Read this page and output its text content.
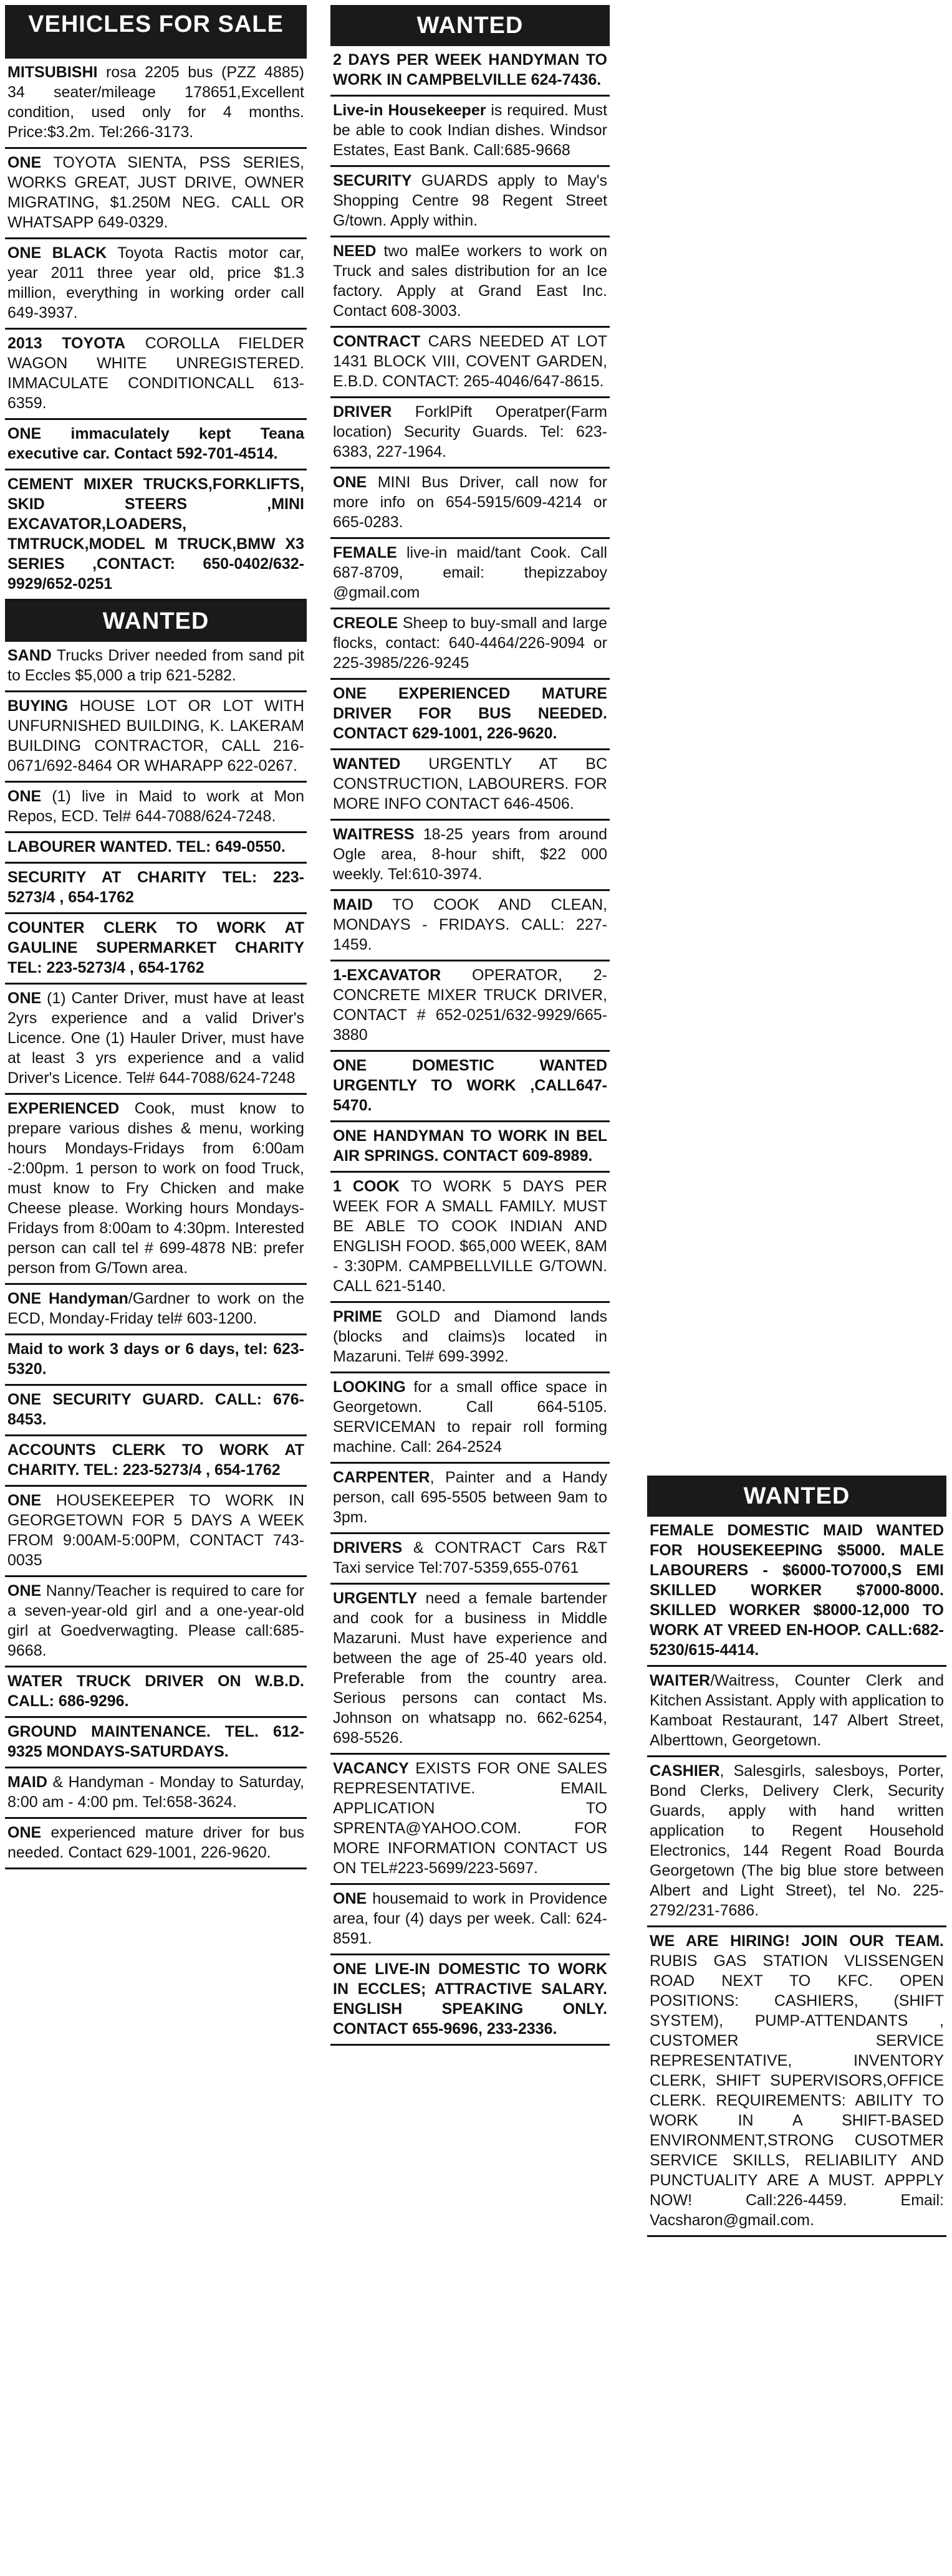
VEHICLES FOR SALE
MITSUBISHI rosa 2205 bus (PZZ 4885) 34 seater/mileage 178651,Excellent condition, used only for 4 months. Price:$3.2m. Tel:266-3173.
ONE TOYOTA SIENTA, PSS SERIES, WORKS GREAT, JUST DRIVE, OWNER MIGRATING, $1.250M NEG. CALL OR WHATSAPP 649-0329.
ONE BLACK Toyota Ractis motor car, year 2011 three year old, price $1.3 million, everything in working order call 649-3937.
2013 TOYOTA COROLLA FIELDER WAGON WHITE UNREGISTERED. IMMACULATE CONDITIONCALL 613-6359.
ONE immaculately kept Teana executive car. Contact 592-701-4514.
CEMENT MIXER TRUCKS,FORKLIFTS, SKID STEERS ,MINI EXCAVATOR,LOADERS, TMTRUCK,MODEL M TRUCK,BMW X3 SERIES ,CONTACT: 650-0402/632-9929/652-0251
WANTED
SAND Trucks Driver needed from sand pit to Eccles $5,000 a trip 621-5282.
BUYING HOUSE LOT OR LOT WITH UNFURNISHED BUILDING, K. LAKERAM BUILDING CONTRACTOR, CALL 216-0671/692-8464 OR WHARAPP 622-0267.
ONE (1) live in Maid to work at Mon Repos, ECD. Tel# 644-7088/624-7248.
LABOURER WANTED. TEL: 649-0550.
SECURITY AT CHARITY TEL: 223-5273/4 , 654-1762
COUNTER CLERK TO WORK AT GAULINE SUPERMARKET CHARITY TEL: 223-5273/4 , 654-1762
ONE (1) Canter Driver, must have at least 2yrs experience and a valid Driver's Licence. One (1) Hauler Driver, must have at least 3 yrs experience and a valid Driver's Licence. Tel# 644-7088/624-7248
EXPERIENCED Cook, must know to prepare various dishes & menu, working hours Mondays-Fridays from 6:00am -2:00pm. 1 person to work on food Truck, must know to Fry Chicken and make Cheese please. Working hours Mondays-Fridays from 8:00am to 4:30pm. Interested person can call tel # 699-4878 NB: prefer person from G/Town area.
ONE Handyman/Gardner to work on the ECD, Monday-Friday tel# 603-1200.
Maid to work 3 days or 6 days, tel: 623-5320.
ONE SECURITY GUARD. CALL: 676-8453.
ACCOUNTS CLERK TO WORK AT CHARITY. TEL: 223-5273/4 , 654-1762
ONE HOUSEKEEPER TO WORK IN GEORGETOWN FOR 5 DAYS A WEEK FROM 9:00AM-5:00PM, CONTACT 743-0035
ONE Nanny/Teacher is required to care for a seven-year-old girl and a one-year-old girl at Goedverwagting. Please call:685-9668.
WATER TRUCK DRIVER ON W.B.D. CALL: 686-9296.
GROUND MAINTENANCE. TEL. 612-9325 MONDAYS-SATURDAYS.
MAID & Handyman - Monday to Saturday, 8:00 am - 4:00 pm. Tel:658-3624.
ONE experienced mature driver for bus needed. Contact 629-1001, 226-9620.
WANTED
2 DAYS PER WEEK HANDYMAN TO WORK IN CAMPBELVILLE 624-7436.
Live-in Housekeeper is required. Must be able to cook Indian dishes. Windsor Estates, East Bank. Call:685-9668
SECURITY GUARDS apply to May's Shopping Centre 98 Regent Street G/town. Apply within.
NEED two malEe workers to work on Truck and sales distribution for an Ice factory. Apply at Grand East Inc. Contact 608-3003.
CONTRACT CARS NEEDED AT LOT 1431 BLOCK VIII, COVENT GARDEN, E.B.D. CONTACT: 265-4046/647-8615.
DRIVER ForklPift Operatper(Farm location) Security Guards. Tel: 623-6383, 227-1964.
ONE MINI Bus Driver, call now for more info on 654-5915/609-4214 or 665-0283.
FEMALE live-in maid/tant Cook. Call 687-8709, email: thepizzaboy @gmail.com
CREOLE Sheep to buy-small and large flocks, contact: 640-4464/226-9094 or 225-3985/226-9245
ONE EXPERIENCED MATURE DRIVER FOR BUS NEEDED. CONTACT 629-1001, 226-9620.
WANTED URGENTLY AT BC CONSTRUCTION, LABOURERS. FOR MORE INFO CONTACT 646-4506.
WAITRESS 18-25 years from around Ogle area, 8-hour shift, $22 000 weekly. Tel:610-3974.
MAID TO COOK AND CLEAN, MONDAYS - FRIDAYS. CALL: 227-1459.
1-EXCAVATOR OPERATOR, 2- CONCRETE MIXER TRUCK DRIVER, CONTACT # 652-0251/632-9929/665-3880
ONE DOMESTIC WANTED URGENTLY TO WORK ,CALL647-5470.
ONE HANDYMAN TO WORK IN BEL AIR SPRINGS. CONTACT 609-8989.
1 COOK TO WORK 5 DAYS PER WEEK FOR A SMALL FAMILY. MUST BE ABLE TO COOK INDIAN AND ENGLISH FOOD. $65,000 WEEK, 8AM - 3:30PM. CAMPBELLVILLE G/TOWN. CALL 621-5140.
PRIME GOLD and Diamond lands (blocks and claims)s located in Mazaruni. Tel# 699-3992.
LOOKING for a small office space in Georgetown. Call 664-5105. SERVICEMAN to repair roll forming machine. Call: 264-2524
CARPENTER, Painter and a Handy person, call 695-5505 between 9am to 3pm.
DRIVERS & CONTRACT Cars R&T Taxi service Tel:707-5359,655-0761
URGENTLY need a female bartender and cook for a business in Middle Mazaruni. Must have experience and between the age of 25-40 years old. Preferable from the country area. Serious persons can contact Ms. Johnson on whatsapp no. 662-6254, 698-5526.
VACANCY EXISTS FOR ONE SALES REPRESENTATIVE. EMAIL APPLICATION TO SPRENTA@YAHOO.COM. FOR MORE INFORMATION CONTACT US ON TEL#223-5699/223-5697.
ONE housemaid to work in Providence area, four (4) days per week. Call: 624-8591.
ONE LIVE-IN DOMESTIC TO WORK IN ECCLES; ATTRACTIVE SALARY. ENGLISH SPEAKING ONLY. CONTACT 655-9696, 233-2336.
WANTED
FEMALE DOMESTIC MAID WANTED FOR HOUSEKEEPING $5000. MALE LABOURERS - $6000-TO7000,S EMI SKILLED WORKER $7000-8000. SKILLED WORKER $8000-12,000 TO WORK AT VREED EN-HOOP. CALL:682-5230/615-4414.
WAITER/Waitress, Counter Clerk and Kitchen Assistant. Apply with application to Kamboat Restaurant, 147 Albert Street, Alberttown, Georgetown.
CASHIER, Salesgirls, salesboys, Porter, Bond Clerks, Delivery Clerk, Security Guards, apply with hand written application to Regent Household Electronics, 144 Regent Road Bourda Georgetown (The big blue store between Albert and Light Street), tel No. 225-2792/231-7686.
WE ARE HIRING! JOIN OUR TEAM. RUBIS GAS STATION VLISSENGEN ROAD NEXT TO KFC. OPEN POSITIONS: CASHIERS, (SHIFT SYSTEM), PUMP-ATTENDANTS , CUSTOMER SERVICE REPRESENTATIVE, INVENTORY CLERK, SHIFT SUPERVISORS,OFFICE CLERK. REQUIREMENTS: ABILITY TO WORK IN A SHIFT-BASED ENVIRONMENT,STRONG CUSOTMER SERVICE SKILLS, RELIABILITY AND PUNCTUALITY ARE A MUST. APPPLY NOW! Call:226-4459. Email: Vacsharon@gmail.com.
